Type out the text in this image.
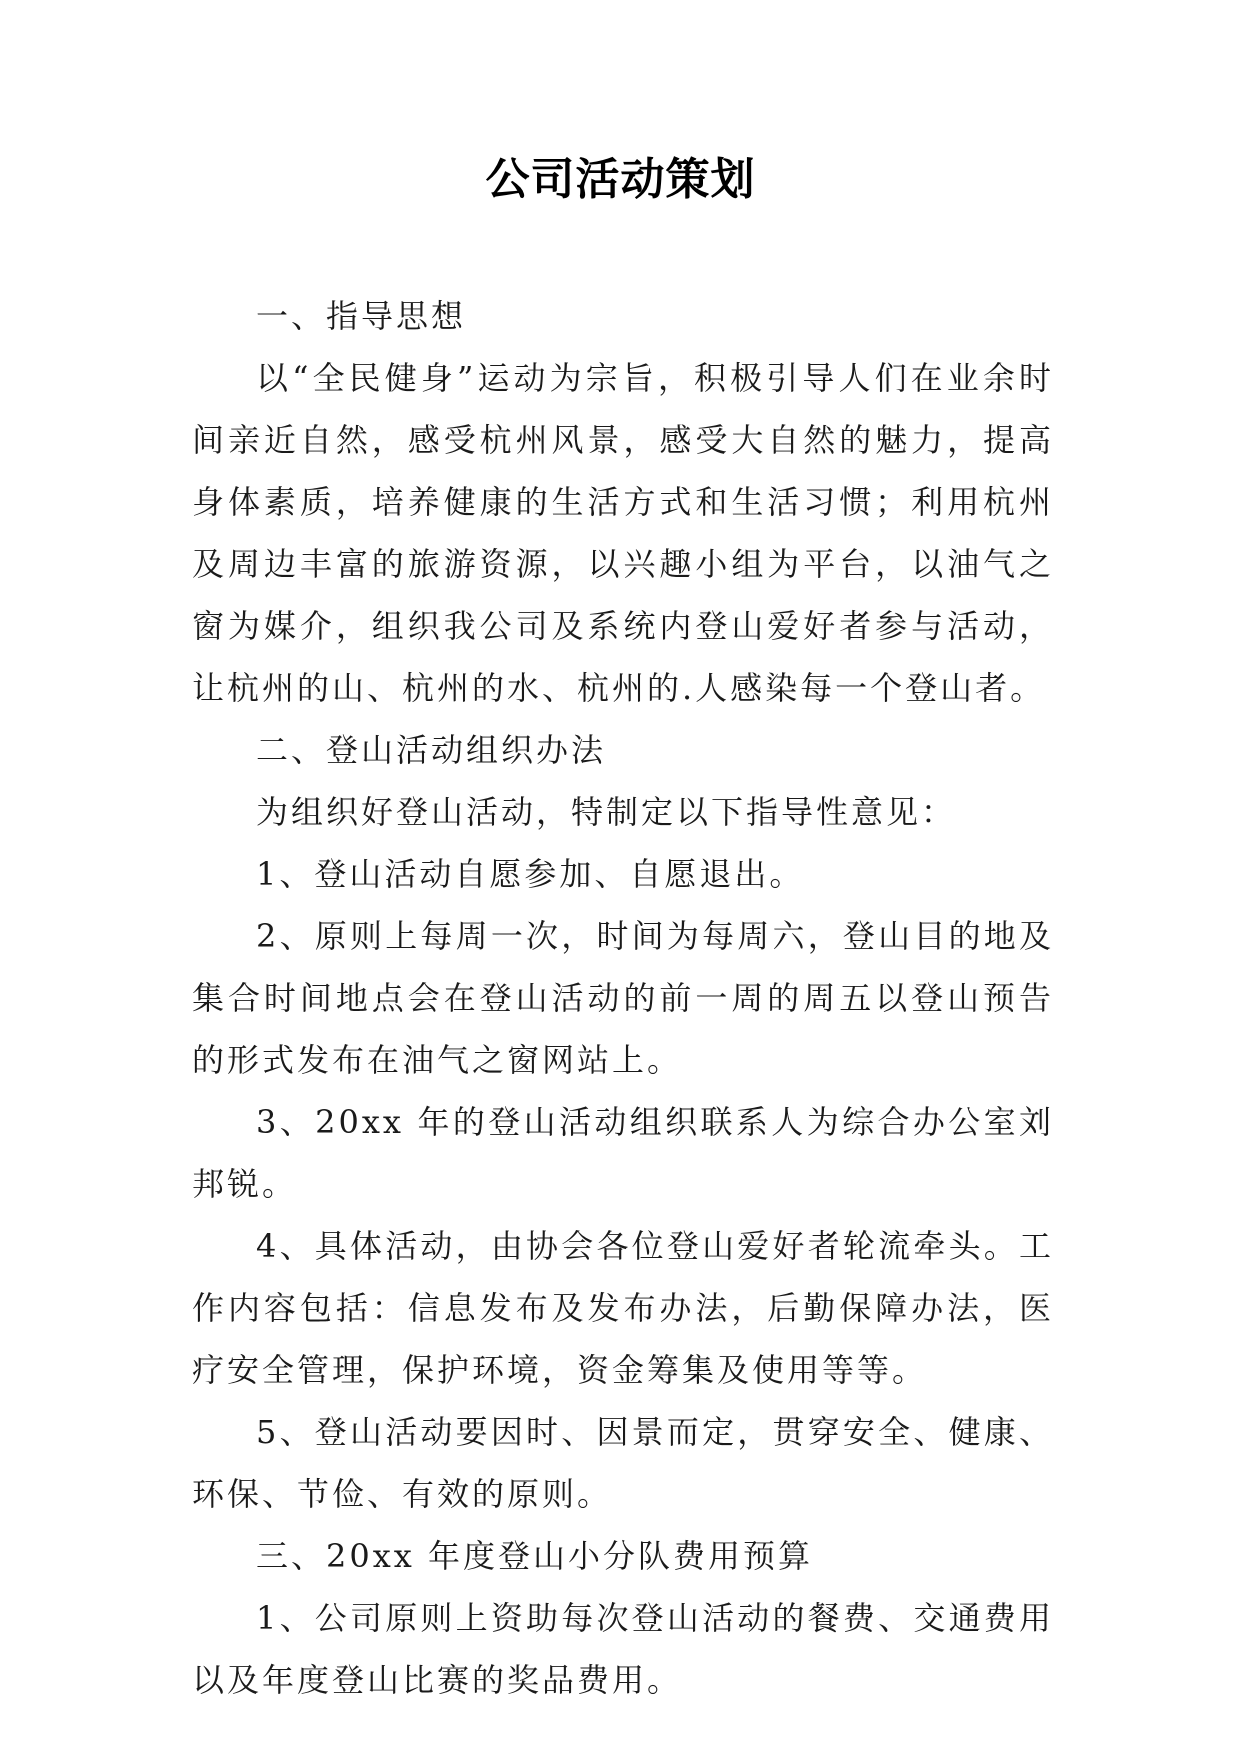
公司活动策划

一、指导思想

以“全民健身”运动为宗旨，积极引导人们在业余时间亲近自然，感受杭州风景，感受大自然的魅力，提高身体素质，培养健康的生活方式和生活习惯；利用杭州及周边丰富的旅游资源，以兴趣小组为平台，以油气之窗为媒介，组织我公司及系统内登山爱好者参与活动，让杭州的山、杭州的水、杭州的.人感染每一个登山者。

二、登山活动组织办法

为组织好登山活动，特制定以下指导性意见：

1、登山活动自愿参加、自愿退出。

2、原则上每周一次，时间为每周六，登山目的地及集合时间地点会在登山活动的前一周的周五以登山预告的形式发布在油气之窗网站上。

3、20xx 年的登山活动组织联系人为综合办公室刘邦锐。

4、具体活动，由协会各位登山爱好者轮流牵头。工作内容包括：信息发布及发布办法，后勤保障办法，医疗安全管理，保护环境，资金筹集及使用等等。

5、登山活动要因时、因景而定，贯穿安全、健康、环保、节俭、有效的原则。

三、20xx 年度登山小分队费用预算

1、公司原则上资助每次登山活动的餐费、交通费用以及年度登山比赛的奖品费用。
